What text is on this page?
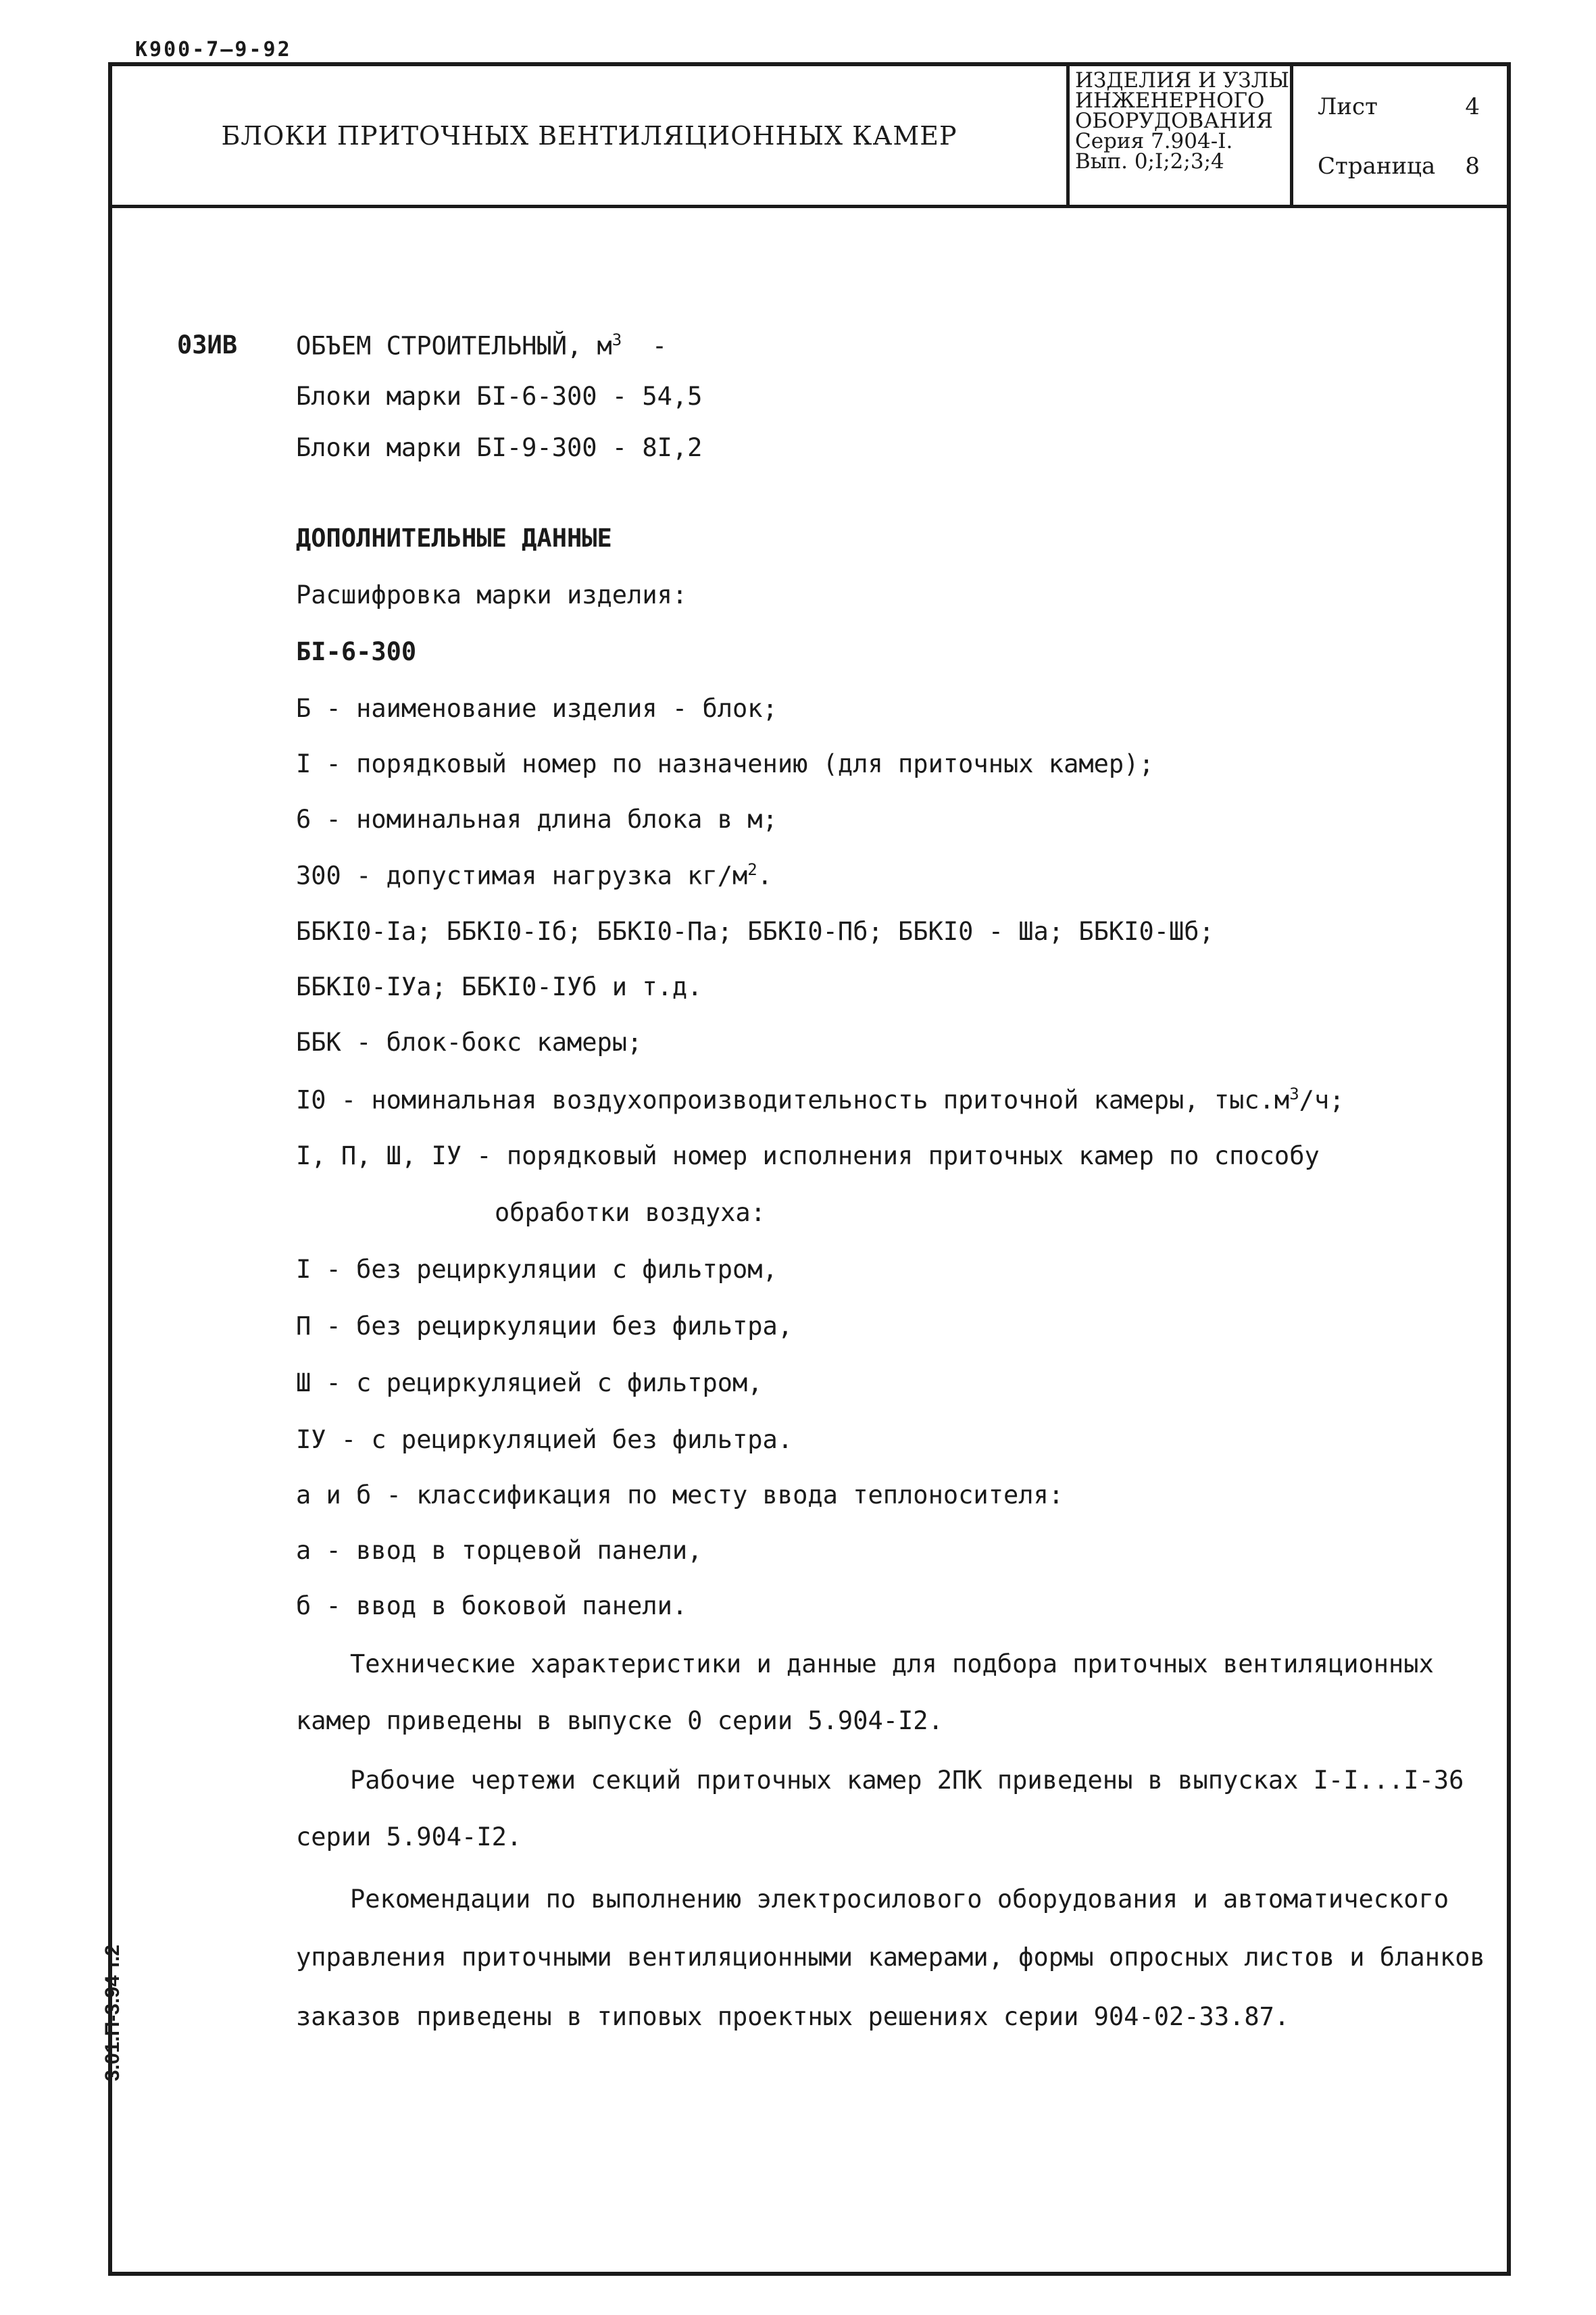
К900-7—9-92
БЛОКИ ПРИТОЧНЫХ ВЕНТИЛЯЦИОННЫХ КАМЕР
ИЗДЕЛИЯ И УЗЛЫ
ИНЖЕНЕРНОГО
ОБОРУДОВАНИЯ
Серия 7.904-I.
Вып. 0;I;2;3;4
Лист	4
Страница 8
03ИВ ОБЪЕМ СТРОИТЕЛЬНЫЙ, $м^3$ -
Блоки марки БI-6-300 - 54,5
Блоки марки БI-9-300 - 8I,2
ДОПОЛНИТЕЛЬНЫЕ ДАННЫЕ
Расшифровка марки изделия:
БI-6-300
Б - наименование изделия - блок;
I - порядковый номер по назначению (для приточных камер);
6 - номинальная длина блока в м;
300 - допустимая нагрузка $кг/м^2$.
ББКI0-Iа; ББКI0-Iб; ББКI0-Пa; ББКI0-Пб; ББКI0 - Шa; ББКI0-Шб;
ББКI0-IУа; ББКI0-IУб и т.д.
ББК - блок-бокс камеры;
I0 - номинальная воздухопроизводительность приточной камеры, $тыс.м^3/ч$;
I, П, Ш, IУ - порядковый номер исполнения приточных камер по способу
обработки воздуха:
I - без рециркуляции с фильтром,
П - без рециркуляции без фильтра,
Ш - с рециркуляцией с фильтром,
IУ - с рециркуляцией без фильтра.
а и б - классификация по месту ввода теплоносителя:
а - ввод в торцевой панели,
б - ввод в боковой панели.
Технические характеристики и данные для подбора приточных вентиляционных
камер приведены в выпуске 0 серии 5.904-I2.
Рабочие чертежи секций приточных камер 2ПК приведены в выпусках I-I...I-36
серии 5.904-I2.
Рекомендации по выполнению электросилового оборудования и автоматического
управления приточными вентиляционными камерами, формы опросных листов и бланков
заказов приведены в типовых проектных решениях серии 904-02-33.87.
3.01.П-3.94 т.2
